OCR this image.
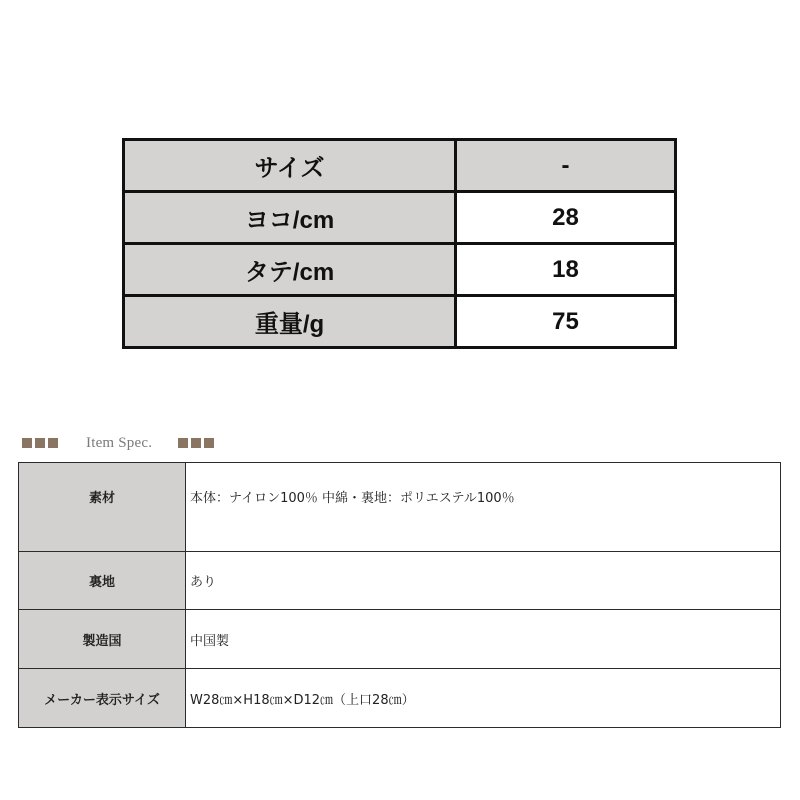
サイズ	-
ヨコ/cm	28
タテ/cm	18
重量/g	75
Item Spec.
素材	本体：ナイロン100％ 中綿・裏地：ポリエステル100％
裏地	あり
製造国	中国製
メーカー表示サイズ	W28㎝×H18㎝×D12㎝（上口28㎝）
